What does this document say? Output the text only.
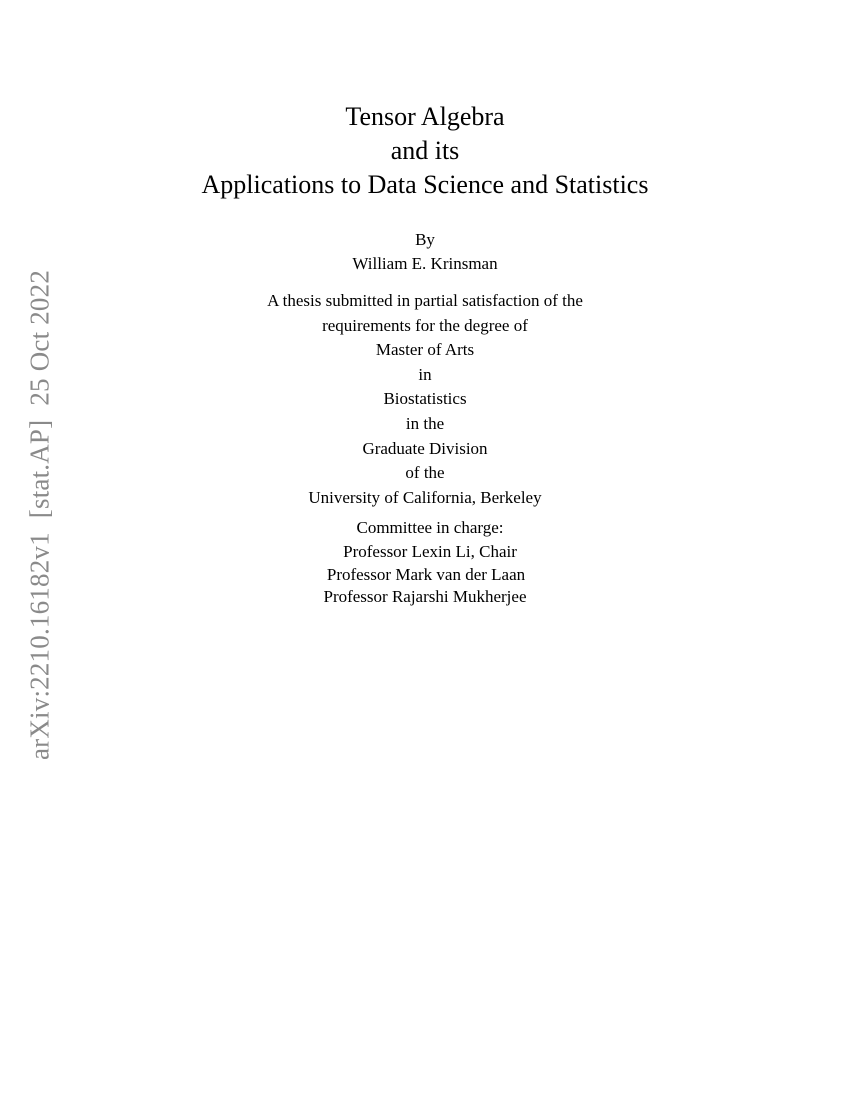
arXiv:2210.16182v1[stat.AP]25 Oct 2022
Tensor Algebra
and its
Applications to Data Science and Statistics
By
William E. Krinsman
A thesis submitted in partial satisfaction of the
requirements for the degree of
Master of Arts
in
Biostatistics
in the
Graduate Division
of the
University of California, Berkeley
Committee in charge:
Professor Lexin Li, Chair
Professor Mark van der Laan
Professor Rajarshi Mukherjee
